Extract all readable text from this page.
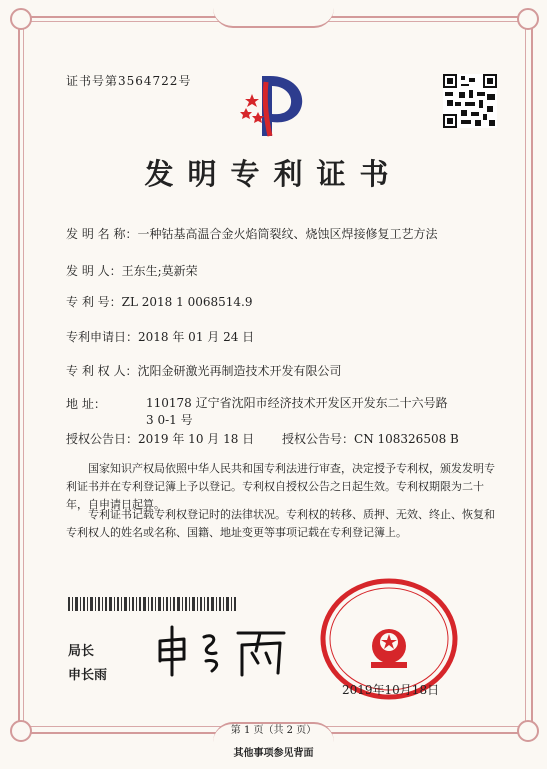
证书号第3564722号
发明专利证书
发 明 名 称：一种钴基高温合金火焰筒裂纹、烧蚀区焊接修复工艺方法
发 明 人：王东生;莫新荣
专 利 号：ZL 2018 1 0068514.9
专利申请日：2018 年 01 月 24 日
专 利 权 人：沈阳金研激光再制造技术开发有限公司
地 址：	110178 辽宁省沈阳市经济技术开发区开发东二十六号路 3 0-1 号
授权公告日：2019 年 10 月 18 日 授权公告号：CN 108326508 B
国家知识产权局依照中华人民共和国专利法进行审查，决定授予专利权，颁发发明专利证书并在专利登记簿上予以登记。专利权自授权公告之日起生效。专利权期限为二十年，自申请日起算。
专利证书记载专利权登记时的法律状况。专利权的转移、质押、无效、终止、恢复和专利权人的姓名或名称、国籍、地址变更等事项记载在专利登记簿上。
局长
申长雨
2019年10月18日
第 1 页（共 2 页）
其他事项参见背面
